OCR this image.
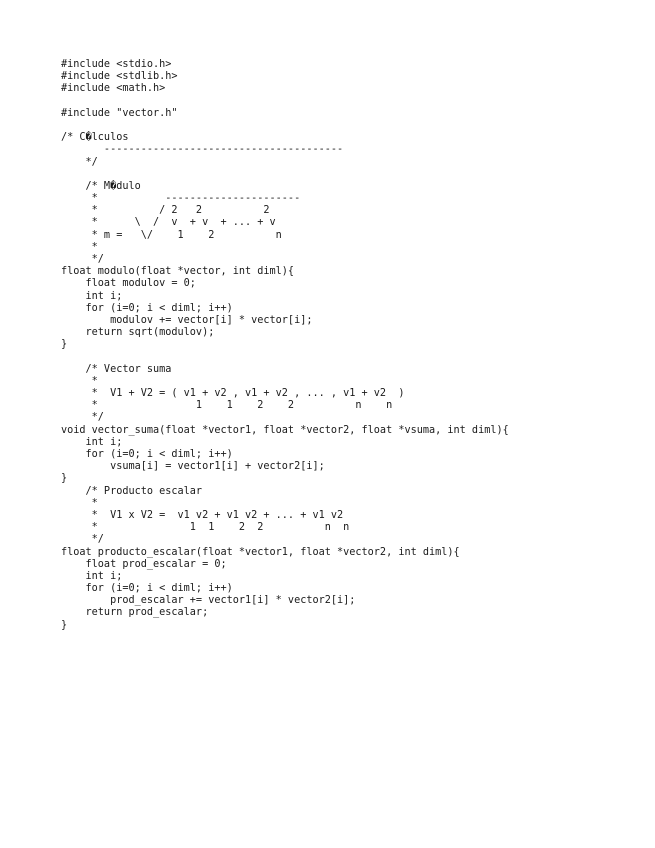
#include <stdio.h>
#include <stdlib.h>
#include <math.h>
#include "vector.h"
/* C�lculos
---------------------------------------
*/
/* M�dulo
*           ----------------------
*          / 2   2          2
*      \  /  v  + v  + ... + v
* m =   \/    1    2          n
*
*/
float modulo(float *vector, int diml){
float modulov = 0;
int i;
for (i=0; i < diml; i++)
modulov += vector[i] * vector[i];
return sqrt(modulov);
}
/* Vector suma
*
*  V1 + V2 = ( v1 + v2 , v1 + v2 , ... , v1 + v2  )
*                1    1    2    2          n    n
*/
void vector_suma(float *vector1, float *vector2, float *vsuma, int diml){
int i;
for (i=0; i < diml; i++)
vsuma[i] = vector1[i] + vector2[i];
}
/* Producto escalar
*
*  V1 x V2 =  v1 v2 + v1 v2 + ... + v1 v2
*               1  1    2  2          n  n
*/
float producto_escalar(float *vector1, float *vector2, int diml){
float prod_escalar = 0;
int i;
for (i=0; i < diml; i++)
prod_escalar += vector1[i] * vector2[i];
return prod_escalar;
}
